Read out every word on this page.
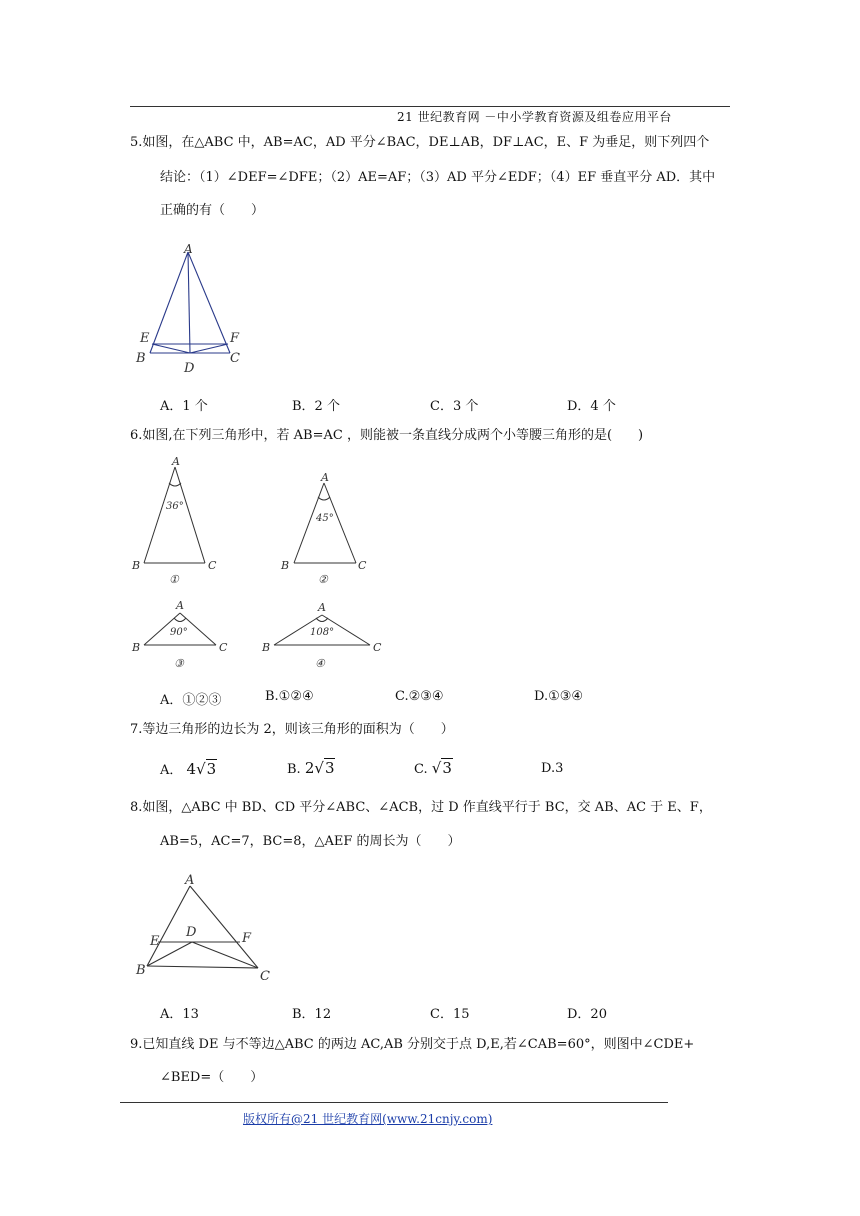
21 世纪教育网 －中小学教育资源及组卷应用平台
5.如图，在△ABC 中，AB=AC，AD 平分∠BAC，DE⊥AB，DF⊥AC，E、F 为垂足，则下列四个
结论：（1）∠DEF=∠DFE；（2）AE=AF；（3）AD 平分∠EDF；（4）EF 垂直平分 AD．其中
正确的有（　　）
A
E	F
B	C
D
A．1 个	B．2 个	C．3 个	D．4 个
6.如图,在下列三角形中，若 AB=AC ，则能被一条直线分成两个小等腰三角形的是(　　)
A
36°
B	C
①
A
45°
B	C
②
A
90°
B	C
③
A
108°
B	C
④
A．①②③	B.①②④	C.②③④	D.①③④
7.等边三角形的边长为 2，则该三角形的面积为（　　）
A． 4√3	B. 2√3	C. √3	D.3
8.如图，△ABC 中 BD、CD 平分∠ABC、∠ACB，过 D 作直线平行于 BC，交 AB、AC 于 E、F，
AB=5，AC=7，BC=8，△AEF 的周长为（　　）
A
D
E	F
B	C
A．13	B．12	C．15	D．20
9.已知直线 DE 与不等边△ABC 的两边 AC,AB 分别交于点 D,E,若∠CAB=60°，则图中∠CDE+
∠BED=（　　）
版权所有@21 世纪教育网(www.21cnjy.com)
